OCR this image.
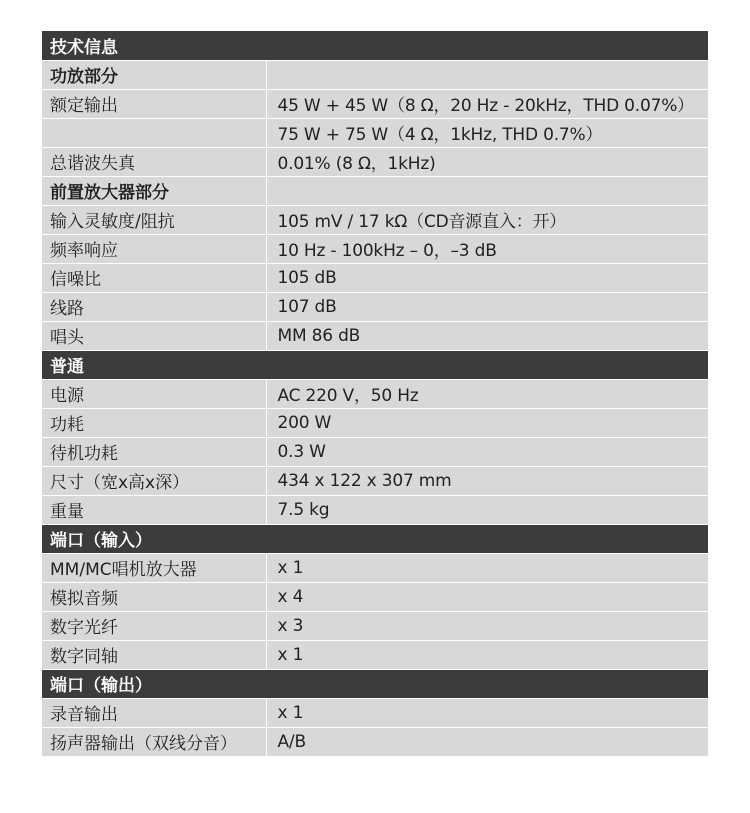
技术信息	
功放部分	
额定输出	45 W + 45 W（8 Ω，20 Hz - 20kHz，THD 0.07%）
	75 W + 75 W（4 Ω，1kHz, THD 0.7%）
总谐波失真	0.01% (8 Ω，1kHz)
前置放大器部分	
输入灵敏度/阻抗	105 mV / 17 kΩ（CD音源直入：开）
频率响应	10 Hz - 100kHz – 0，–3 dB
信噪比	105 dB
线路	107 dB
唱头	MM 86 dB
普通	
电源	AC 220 V，50 Hz
功耗	200 W
待机功耗	0.3 W
尺寸（宽x高x深）	434 x 122 x 307 mm
重量	7.5 kg
端口（输入）	
MM/MC唱机放大器	x 1
模拟音频	x 4
数字光纤	x 3
数字同轴	x 1
端口（输出）	
录音输出	x 1
扬声器输出（双线分音）	A/B
